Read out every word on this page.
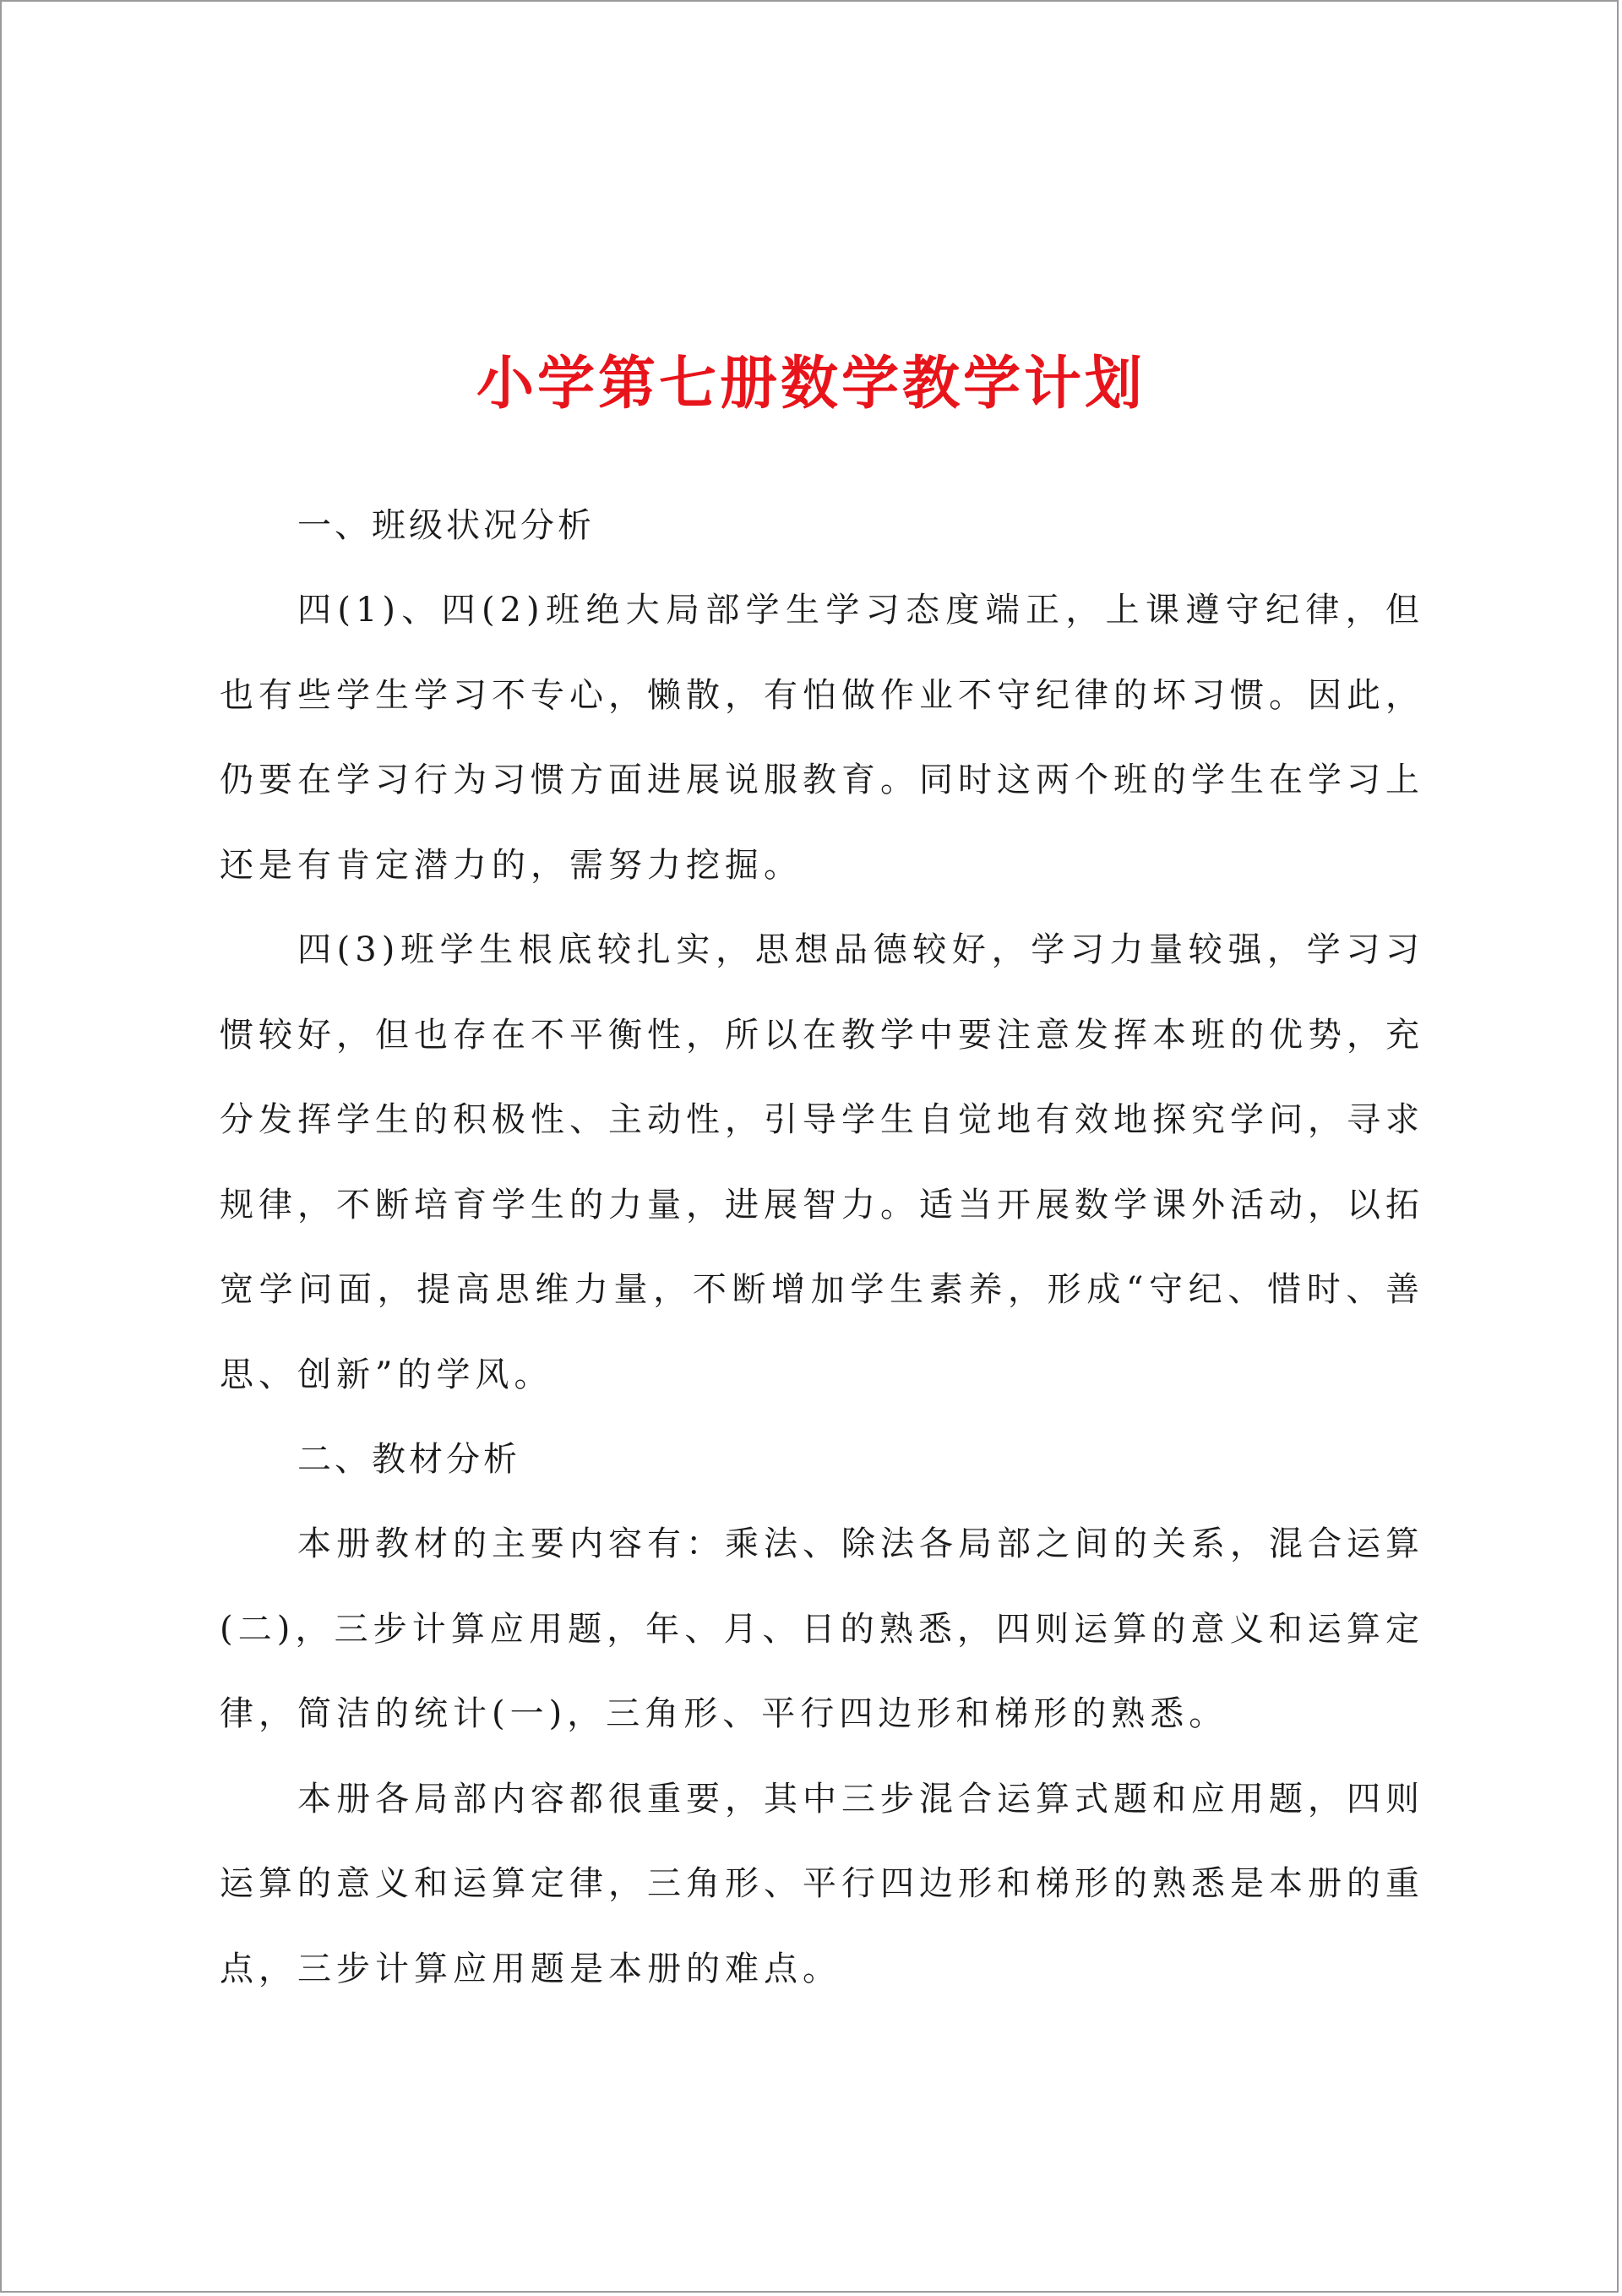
小学第七册数学教学计划

一、班级状况分析

四(1)、四(2)班绝大局部学生学习态度端正，上课遵守纪律，但也有些学生学习不专心，懒散，有怕做作业不守纪律的坏习惯。因此，仍要在学习行为习惯方面进展说服教育。同时这两个班的学生在学习上还是有肯定潜力的，需努力挖掘。

四(3)班学生根底较扎实，思想品德较好，学习力量较强，学习习惯较好，但也存在不平衡性，所以在教学中要注意发挥本班的优势，充分发挥学生的积极性、主动性，引导学生自觉地有效地探究学问，寻求规律，不断培育学生的力量，进展智力。适当开展数学课外活动，以拓宽学问面，提高思维力量，不断增加学生素养，形成“守纪、惜时、善思、创新”的学风。

二、教材分析

本册教材的主要内容有：乘法、除法各局部之间的关系，混合运算(二)，三步计算应用题，年、月、日的熟悉，四则运算的意义和运算定律，简洁的统计(一)，三角形、平行四边形和梯形的熟悉。

本册各局部内容都很重要，其中三步混合运算式题和应用题，四则运算的意义和运算定律，三角形、平行四边形和梯形的熟悉是本册的重点，三步计算应用题是本册的难点。
